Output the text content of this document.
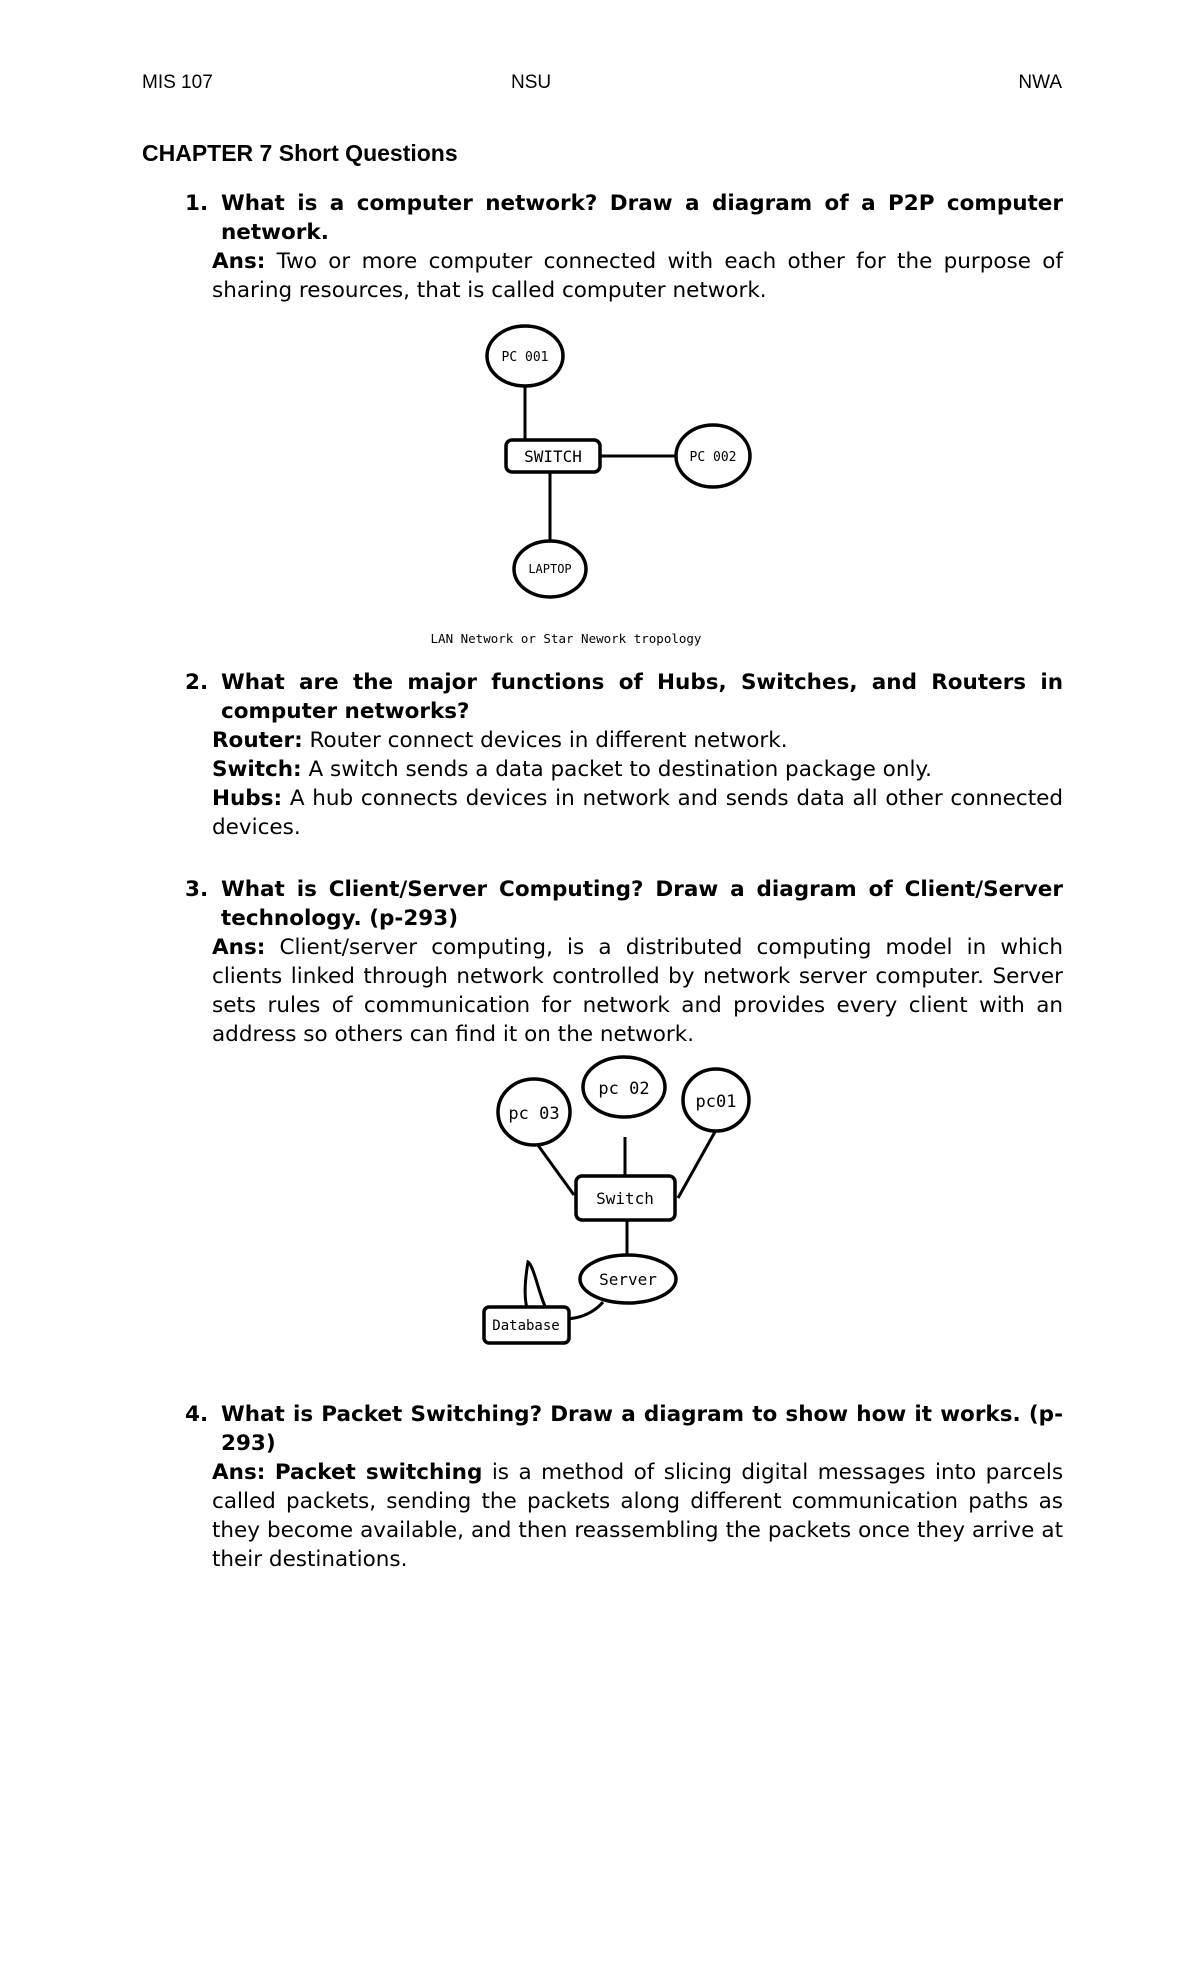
MIS 107	NSU	NWA
CHAPTER 7 Short Questions
1. What is a computer network? Draw a diagram of a P2P computer network.
Ans: Two or more computer connected with each other for the purpose of sharing resources, that is called computer network.
PC 001
SWITCH	PC 002
LAPTOP
LAN Network or Star Nework tropology
2. What are the major functions of Hubs, Switches, and Routers in computer networks?
Router: Router connect devices in different network.
Switch: A switch sends a data packet to destination package only.
Hubs: A hub connects devices in network and sends data all other connected devices.
3. What is Client/Server Computing? Draw a diagram of Client/Server technology. (p-293)
Ans: Client/server computing, is a distributed computing model in which clients linked through network controlled by network server computer. Server sets rules of communication for network and provides every client with an address so others can find it on the network.
pc 03
pc 02
pc01
Switch
Server
Database
4. What is Packet Switching? Draw a diagram to show how it works. (p-293)
Ans: Packet switching is a method of slicing digital messages into parcels called packets, sending the packets along different communication paths as they become available, and then reassembling the packets once they arrive at their destinations.
